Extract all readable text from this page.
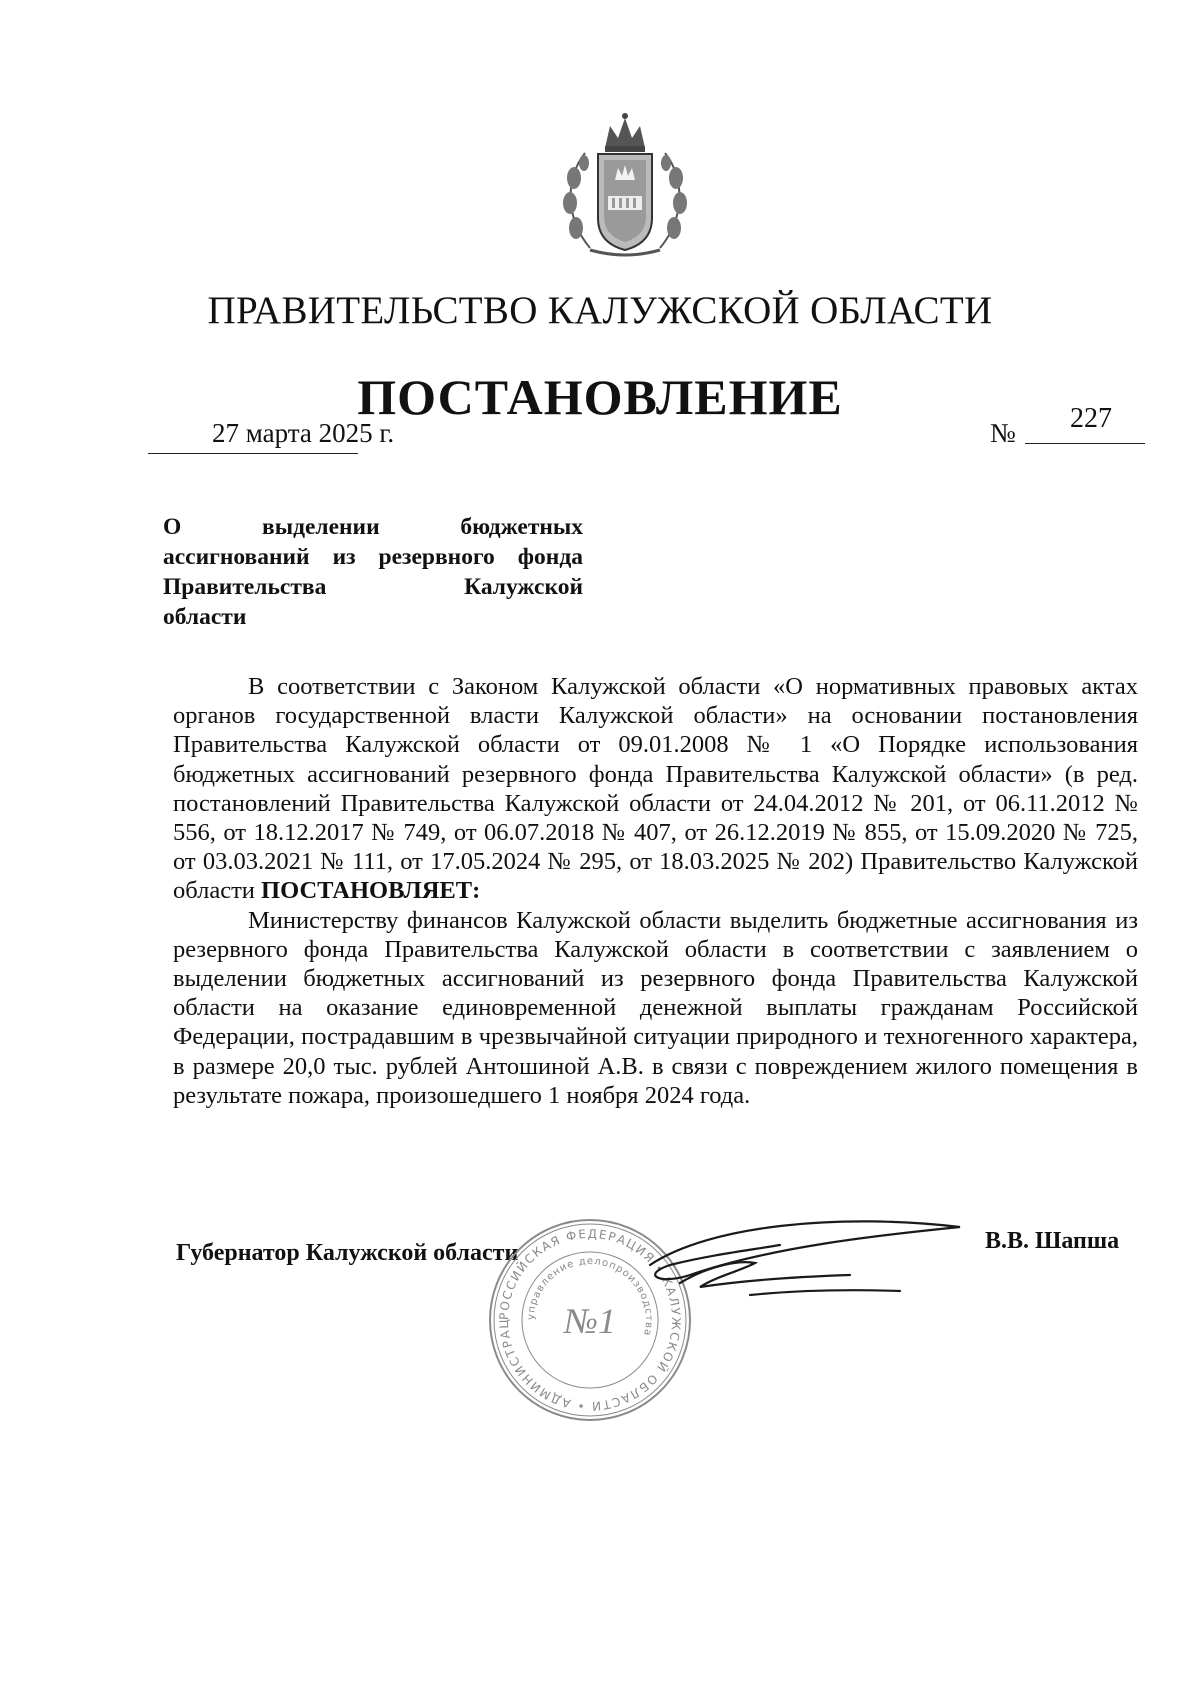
ПРАВИТЕЛЬСТВО КАЛУЖСКОЙ ОБЛАСТИ
ПОСТАНОВЛЕНИЕ
27 марта 2025 г.	№ 227
О выделении бюджетных
ассигнований из резервного фонда
Правительства Калужской
области

В соответствии с Законом Калужской области «О нормативных правовых актах органов государственной власти Калужской области» на основании постановления Правительства Калужской области от 09.01.2008 № 1 «О Порядке использования бюджетных ассигнований резервного фонда Правительства Калужской области» (в ред. постановлений Правительства Калужской области от 24.04.2012 № 201, от 06.11.2012 № 556, от 18.12.2017 № 749, от 06.07.2018 № 407, от 26.12.2019 № 855, от 15.09.2020 № 725, от 03.03.2021 № 111, от 17.05.2024 № 295, от 18.03.2025 № 202) Правительство Калужской области ПОСТАНОВЛЯЕТ:

Министерству финансов Калужской области выделить бюджетные ассигнования из резервного фонда Правительства Калужской области в соответствии с заявлением о выделении бюджетных ассигнований из резервного фонда Правительства Калужской области на оказание единовременной денежной выплаты гражданам Российской Федерации, пострадавшим в чрезвычайной ситуации природного и техногенного характера, в размере 20,0 тыс. рублей Антошиной А.В. в связи с повреждением жилого помещения в результате пожара, произошедшего 1 ноября 2024 года.

Губернатор Калужской области	В.В. Шапша
РОССИЙСКАЯ ФЕДЕРАЦИЯ • КАЛУЖСКОЙ ОБЛАСТИ • АДМИНИСТРАЦ
управление делопроизводства
№1
